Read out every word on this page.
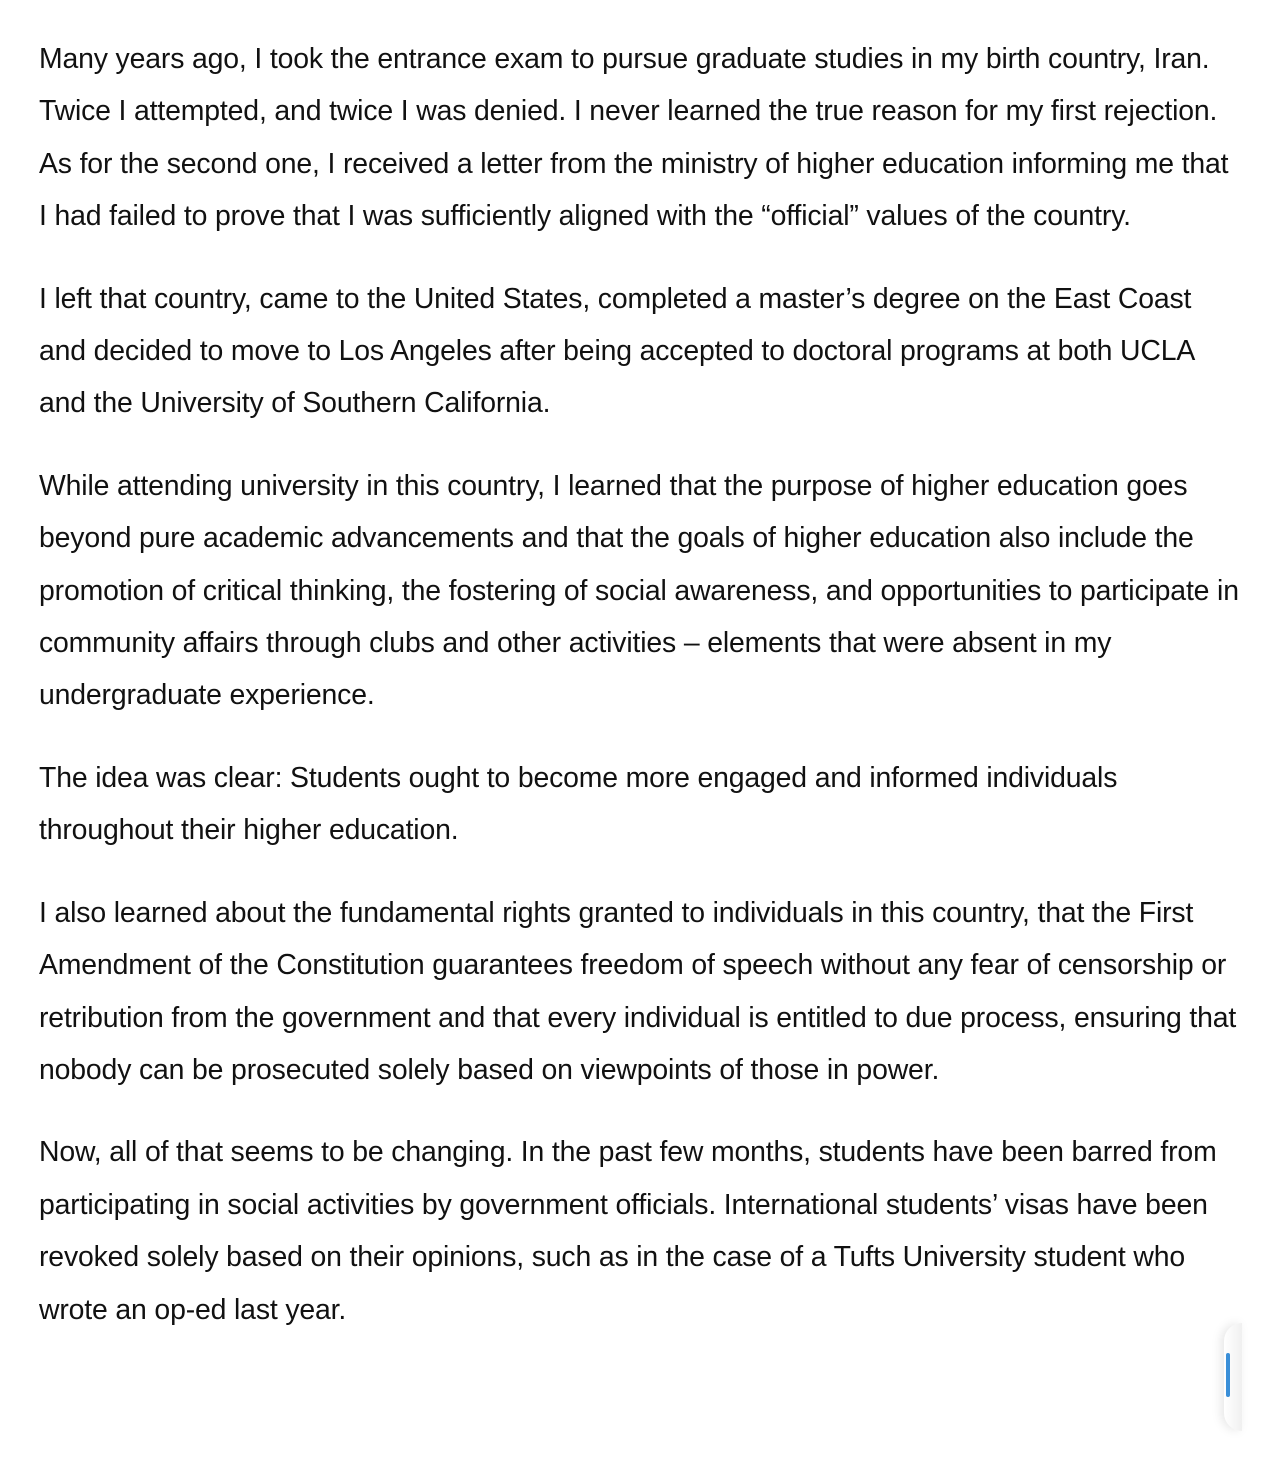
Many years ago, I took the entrance exam to pursue graduate studies in my birth country, Iran. Twice I attempted, and twice I was denied. I never learned the true reason for my first rejection. As for the second one, I received a letter from the ministry of higher education informing me that I had failed to prove that I was sufficiently aligned with the “official” values of the country.

I left that country, came to the United States, completed a master’s degree on the East Coast and decided to move to Los Angeles after being accepted to doctoral programs at both UCLA and the University of Southern California.

While attending university in this country, I learned that the purpose of higher education goes beyond pure academic advancements and that the goals of higher education also include the promotion of critical thinking, the fostering of social awareness, and opportunities to participate in community affairs through clubs and other activities – elements that were absent in my undergraduate experience.

The idea was clear: Students ought to become more engaged and informed individuals throughout their higher education.

I also learned about the fundamental rights granted to individuals in this country, that the First Amendment of the Constitution guarantees freedom of speech without any fear of censorship or retribution from the government and that every individual is entitled to due process, ensuring that nobody can be prosecuted solely based on viewpoints of those in power.

Now, all of that seems to be changing. In the past few months, students have been barred from participating in social activities by government officials. International students’ visas have been revoked solely based on their opinions, such as in the case of a Tufts University student who wrote an op-ed last year.
